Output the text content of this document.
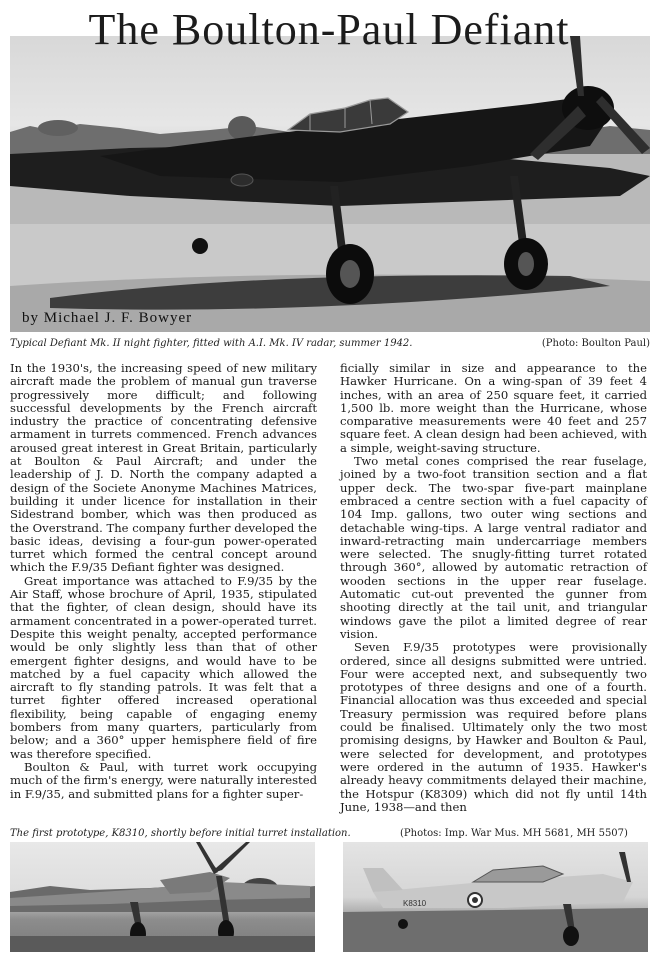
The Boulton-Paul Defiant
by Michael J. F. Bowyer
Typical Defiant Mk. II night fighter, fitted with A.I. Mk. IV radar, summer 1942.	(Photo: Boulton Paul)

In the 1930's, the increasing speed of new military aircraft made the problem of manual gun traverse progressively more difficult; and following successful developments by the French aircraft industry the practice of concentrating defensive armament in turrets commenced. French advances aroused great interest in Great Britain, particularly at Boulton & Paul Aircraft; and under the leadership of J. D. North the company adapted a design of the Societe Anonyme Machines Matrices, building it under licence for installation in their Sidestrand bomber, which was then produced as the Overstrand. The company further developed the basic ideas, devising a four-gun power-operated turret which formed the central concept around which the F.9/35 Defiant fighter was designed.

Great importance was attached to F.9/35 by the Air Staff, whose brochure of April, 1935, stipulated that the fighter, of clean design, should have its armament concentrated in a power-operated turret. Despite this weight penalty, accepted performance would be only slightly less than that of other emergent fighter designs, and would have to be matched by a fuel capacity which allowed the aircraft to fly standing patrols. It was felt that a turret fighter offered increased operational flexibility, being capable of engaging enemy bombers from many quarters, particularly from below; and a 360° upper hemisphere field of fire was therefore specified.

Boulton & Paul, with turret work occupying much of the firm's energy, were naturally interested in F.9/35, and submitted plans for a fighter super-

ficially similar in size and appearance to the Hawker Hurricane. On a wing-span of 39 feet 4 inches, with an area of 250 square feet, it carried 1,500 lb. more weight than the Hurricane, whose comparative measurements were 40 feet and 257 square feet. A clean design had been achieved, with a simple, weight-saving structure.

Two metal cones comprised the rear fuselage, joined by a two-foot transition section and a flat upper deck. The two-spar five-part mainplane embraced a centre section with a fuel capacity of 104 Imp. gallons, two outer wing sections and detachable wing-tips. A large ventral radiator and inward-retracting main undercarriage members were selected. The snugly-fitting turret rotated through 360°, allowed by automatic retraction of wooden sections in the upper rear fuselage. Automatic cut-out prevented the gunner from shooting directly at the tail unit, and triangular windows gave the pilot a limited degree of rear vision.

Seven F.9/35 prototypes were provisionally ordered, since all designs submitted were untried. Four were accepted next, and subsequently two prototypes of three designs and one of a fourth. Financial allocation was thus exceeded and special Treasury permission was required before plans could be finalised. Ultimately only the two most promising designs, by Hawker and Boulton & Paul, were selected for development, and prototypes were ordered in the autumn of 1935. Hawker's already heavy commitments delayed their machine, the Hotspur (K8309) which did not fly until 14th June, 1938—and then

The first prototype, K8310, shortly before initial turret installation.	(Photos: Imp. War Mus. MH 5681, MH 5507)
K8310
